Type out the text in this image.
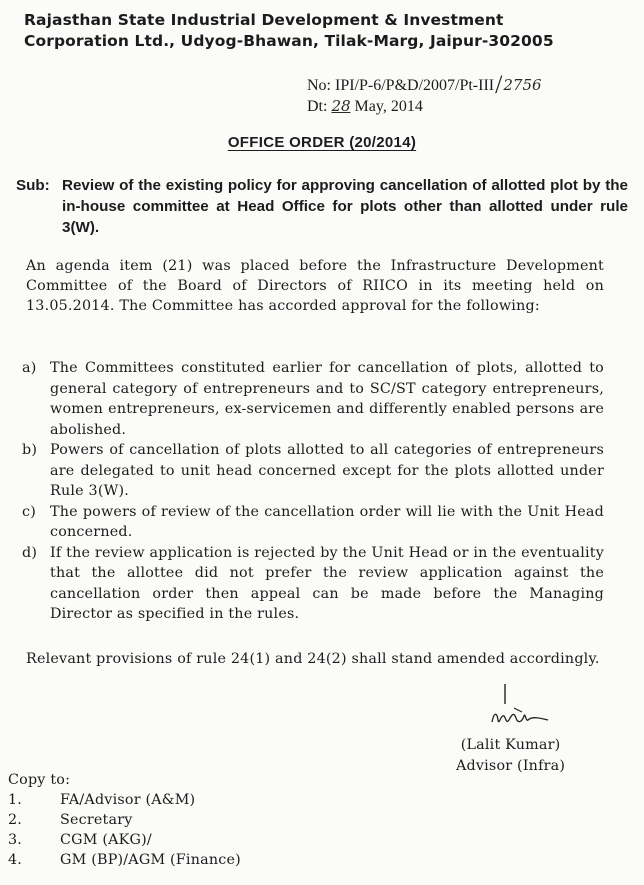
Rajasthan State Industrial Development & Investment
Corporation Ltd., Udyog-Bhawan, Tilak-Marg, Jaipur-302005
No: IPI/P-6/P&D/2007/Pt-III/2756
Dt: 28 May, 2014
OFFICE ORDER (20/2014)
Sub: Review of the existing policy for approving cancellation of allotted plot by the in-house committee at Head Office for plots other than allotted under rule 3(W).
An agenda item (21) was placed before the Infrastructure Development Committee of the Board of Directors of RIICO in its meeting held on 13.05.2014. The Committee has accorded approval for the following:
a) The Committees constituted earlier for cancellation of plots, allotted to general category of entrepreneurs and to SC/ST category entrepreneurs, women entrepreneurs, ex-servicemen and differently enabled persons are abolished.
b) Powers of cancellation of plots allotted to all categories of entrepreneurs are delegated to unit head concerned except for the plots allotted under Rule 3(W).
c) The powers of review of the cancellation order will lie with the Unit Head concerned.
d) If the review application is rejected by the Unit Head or in the eventuality that the allottee did not prefer the review application against the cancellation order then appeal can be made before the Managing Director as specified in the rules.
Relevant provisions of rule 24(1) and 24(2) shall stand amended accordingly.
(Lalit Kumar)
Advisor (Infra)
Copy to:
1.	FA/Advisor (A&M)
2.	Secretary
3.	CGM (AKG)/
4.	GM (BP)/AGM (Finance)
